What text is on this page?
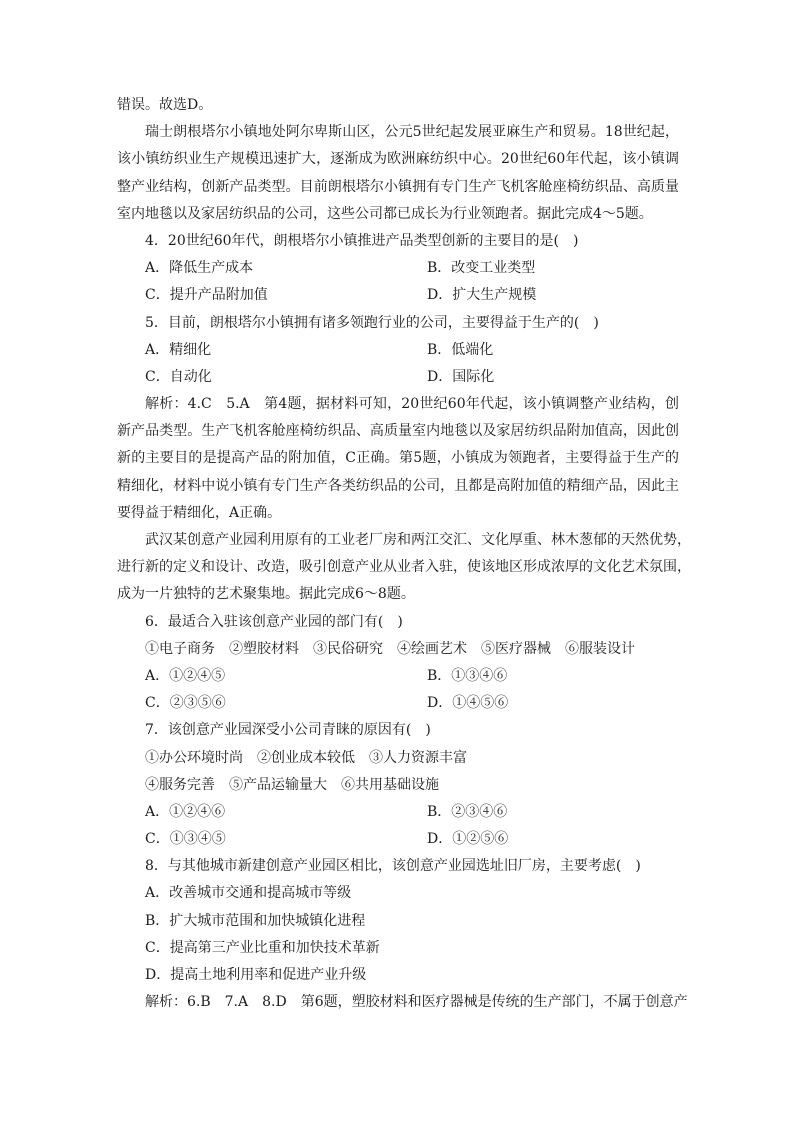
错误。故选D。
瑞士朗根塔尔小镇地处阿尔卑斯山区，公元5世纪起发展亚麻生产和贸易。18世纪起，
该小镇纺织业生产规模迅速扩大，逐渐成为欧洲麻纺织中心。20世纪60年代起，该小镇调
整产业结构，创新产品类型。目前朗根塔尔小镇拥有专门生产飞机客舱座椅纺织品、高质量
室内地毯以及家居纺织品的公司，这些公司都已成长为行业领跑者。据此完成4～5题。
4．20世纪60年代，朗根塔尔小镇推进产品类型创新的主要目的是(　)
A．降低生产成本	B．改变工业类型
C．提升产品附加值	D．扩大生产规模
5．目前，朗根塔尔小镇拥有诸多领跑行业的公司，主要得益于生产的(　)
A．精细化	B．低端化
C．自动化	D．国际化
解析：4.C　5.A　第4题，据材料可知，20世纪60年代起，该小镇调整产业结构，创
新产品类型。生产飞机客舱座椅纺织品、高质量室内地毯以及家居纺织品附加值高，因此创
新的主要目的是提高产品的附加值，C正确。第5题，小镇成为领跑者，主要得益于生产的
精细化，材料中说小镇有专门生产各类纺织品的公司，且都是高附加值的精细产品，因此主
要得益于精细化，A正确。
武汉某创意产业园利用原有的工业老厂房和两江交汇、文化厚重、林木葱郁的天然优势，
进行新的定义和设计、改造，吸引创意产业从业者入驻，使该地区形成浓厚的文化艺术氛围，
成为一片独特的艺术聚集地。据此完成6～8题。
6．最适合入驻该创意产业园的部门有(　)
①电子商务　②塑胶材料　③民俗研究　④绘画艺术　⑤医疗器械　⑥服装设计
A．①②④⑤	B．①③④⑥
C．②③⑤⑥	D．①④⑤⑥
7．该创意产业园深受小公司青睐的原因有(　)
①办公环境时尚　②创业成本较低　③人力资源丰富
④服务完善　⑤产品运输量大　⑥共用基础设施
A．①②④⑥	B．②③④⑥
C．①③④⑤	D．①②⑤⑥
8．与其他城市新建创意产业园区相比，该创意产业园选址旧厂房，主要考虑(　)
A．改善城市交通和提高城市等级
B．扩大城市范围和加快城镇化进程
C．提高第三产业比重和加快技术革新
D．提高土地利用率和促进产业升级
解析：6.B　7.A　8.D　第6题，塑胶材料和医疗器械是传统的生产部门，不属于创意产
